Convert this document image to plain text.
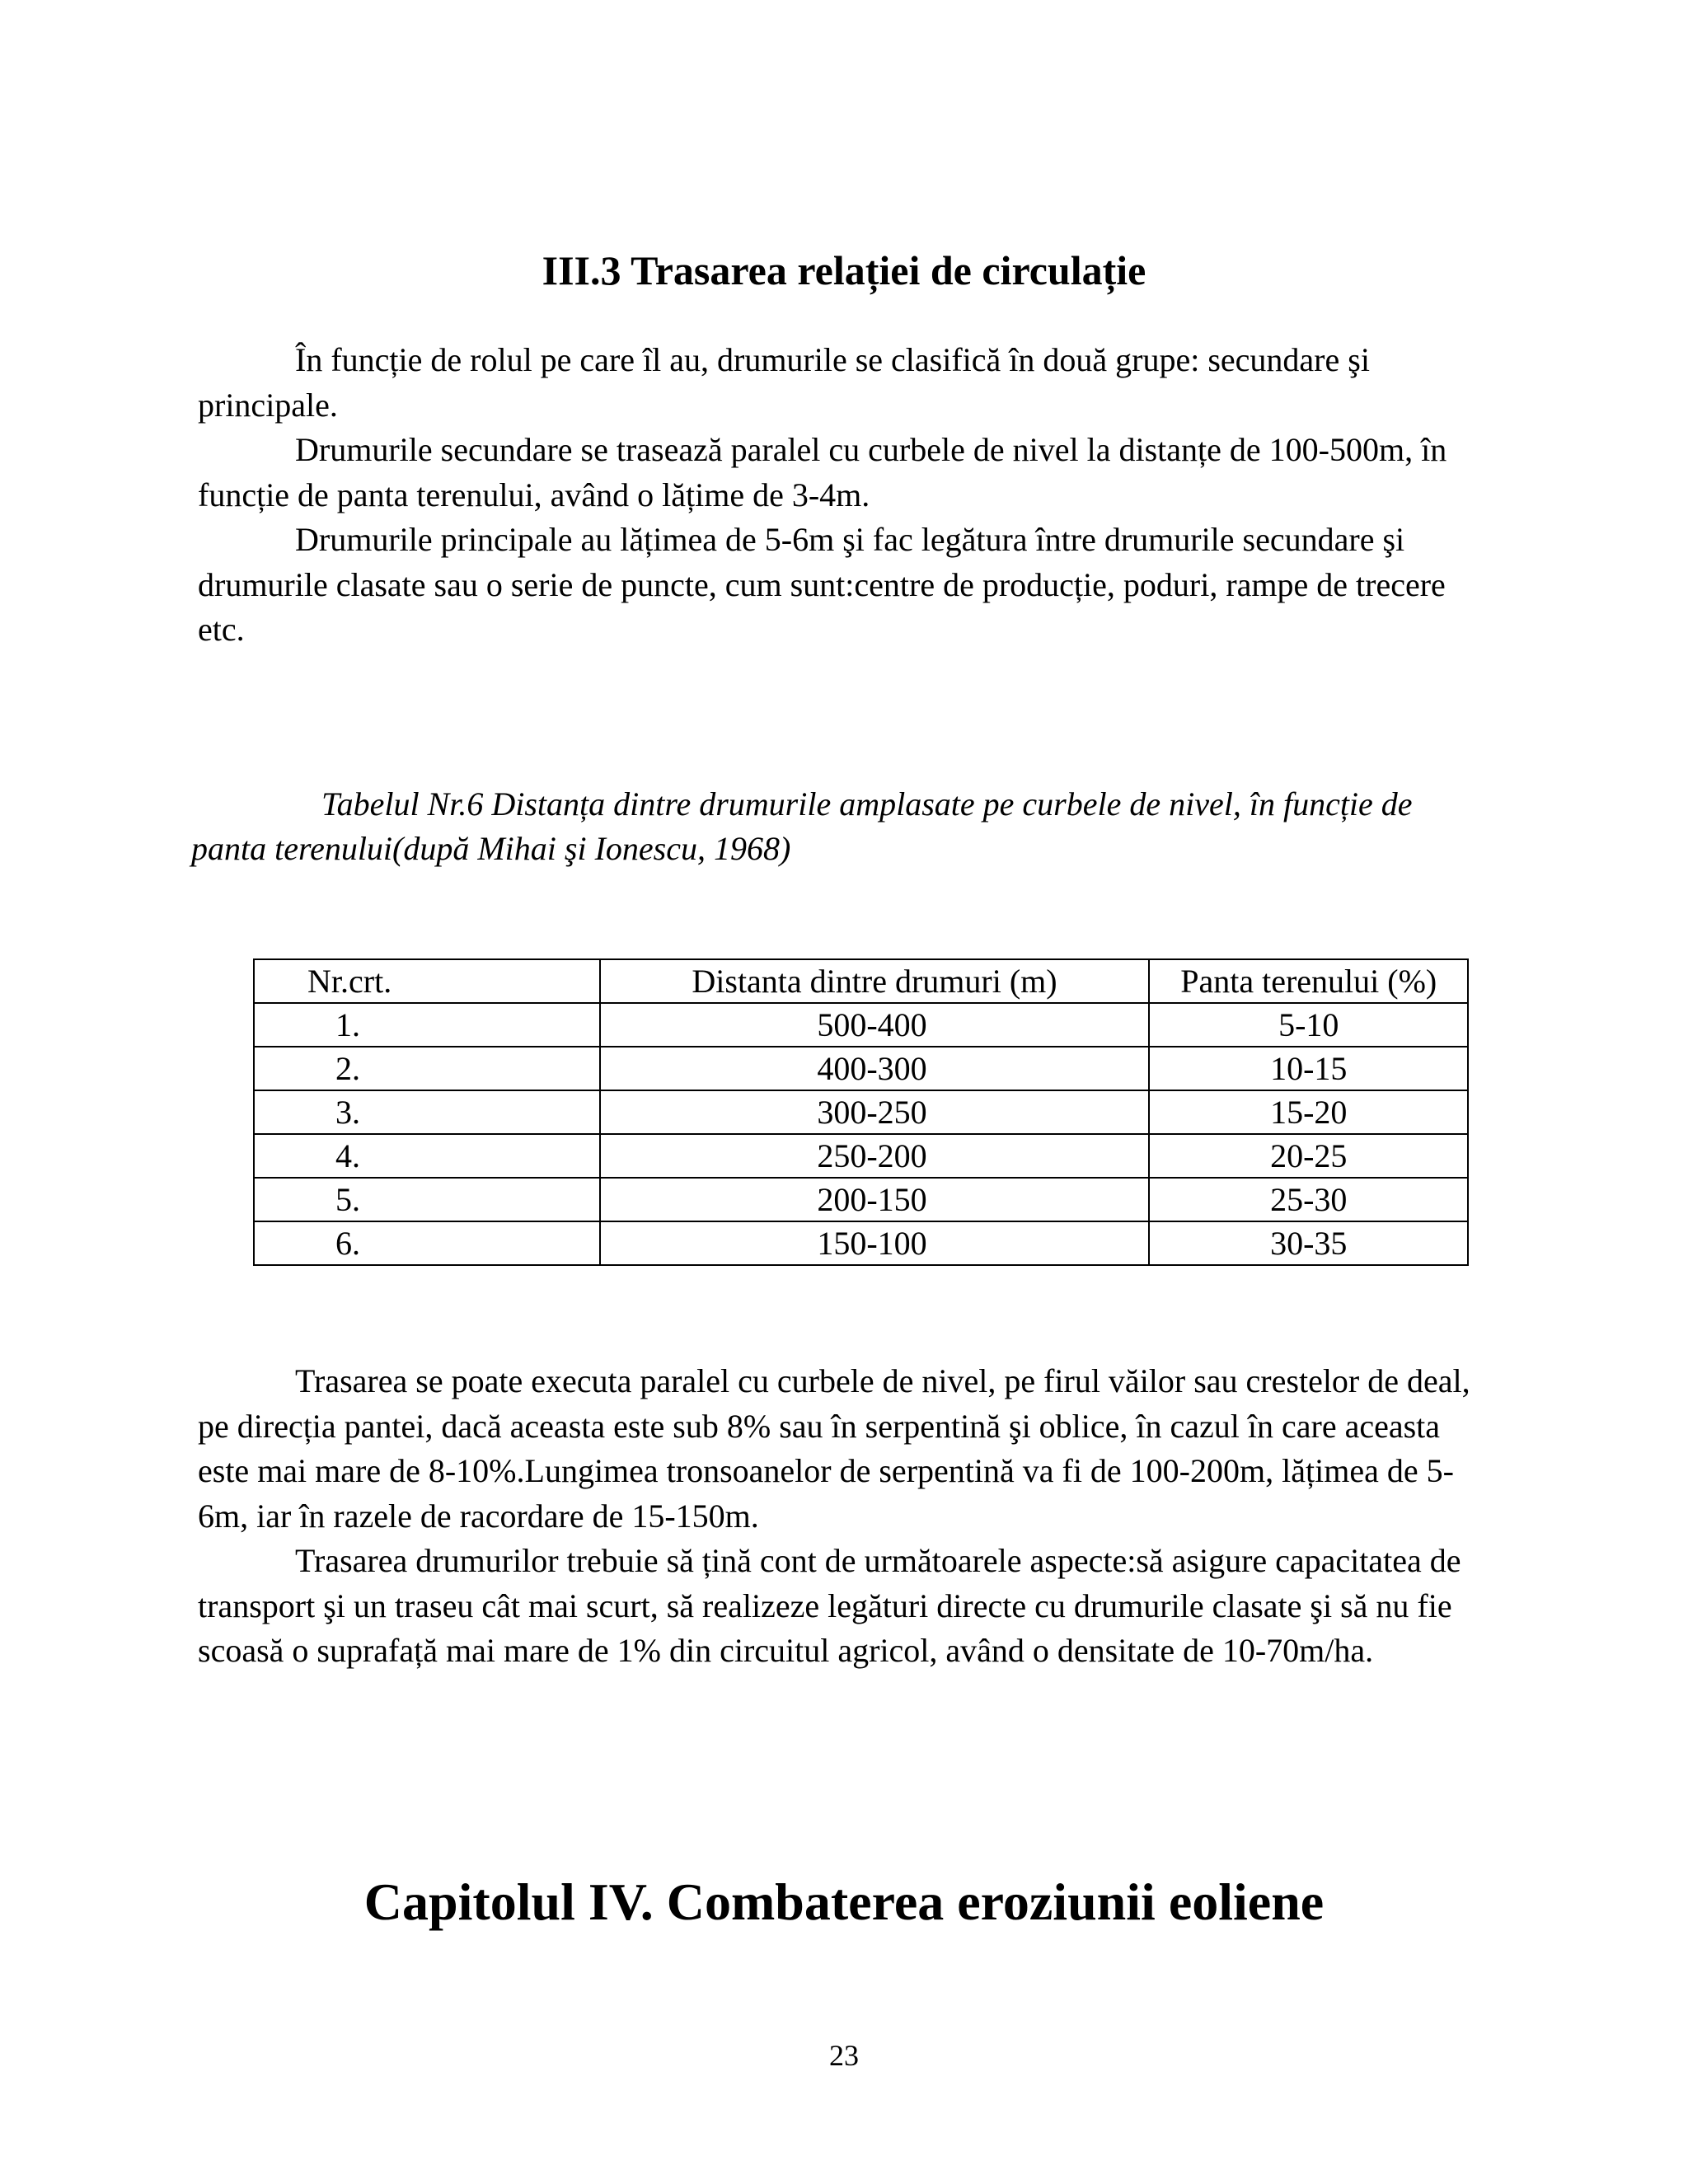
III.3 Trasarea relației de circulație

În funcție de rolul pe care îl au, drumurile se clasifică în două grupe: secundare şi principale.

Drumurile secundare se trasează paralel cu curbele de nivel la distanțe de 100-500m, în funcție de panta terenului, având o lățime de 3-4m.

Drumurile principale au lățimea de 5-6m şi fac legătura între drumurile secundare şi drumurile clasate sau o serie de puncte, cum sunt:centre de producție, poduri, rampe de trecere etc.

Tabelul Nr.6 Distanța dintre drumurile amplasate pe curbele de nivel, în funcție de panta terenului(după Mihai şi Ionescu, 1968)

Nr.crt.	Distanta dintre drumuri (m)	Panta terenului (%)
1.	500-400	5-10
2.	400-300	10-15
3.	300-250	15-20
4.	250-200	20-25
5.	200-150	25-30
6.	150-100	30-35

Trasarea se poate executa paralel cu curbele de nivel, pe firul văilor sau crestelor de deal, pe direcția pantei, dacă aceasta este sub 8% sau în serpentină şi oblice, în cazul în care aceasta este mai mare de 8-10%.Lungimea tronsoanelor de serpentină va fi de 100-200m, lățimea de 5-6m, iar în razele de racordare de 15-150m.

Trasarea drumurilor trebuie să țină cont de următoarele aspecte:să asigure capacitatea de transport şi un traseu cât mai scurt, să realizeze legături directe cu drumurile clasate şi să nu fie scoasă o suprafață mai mare de 1% din circuitul agricol, având o densitate de 10-70m/ha.

Capitolul IV. Combaterea eroziunii eoliene
23
